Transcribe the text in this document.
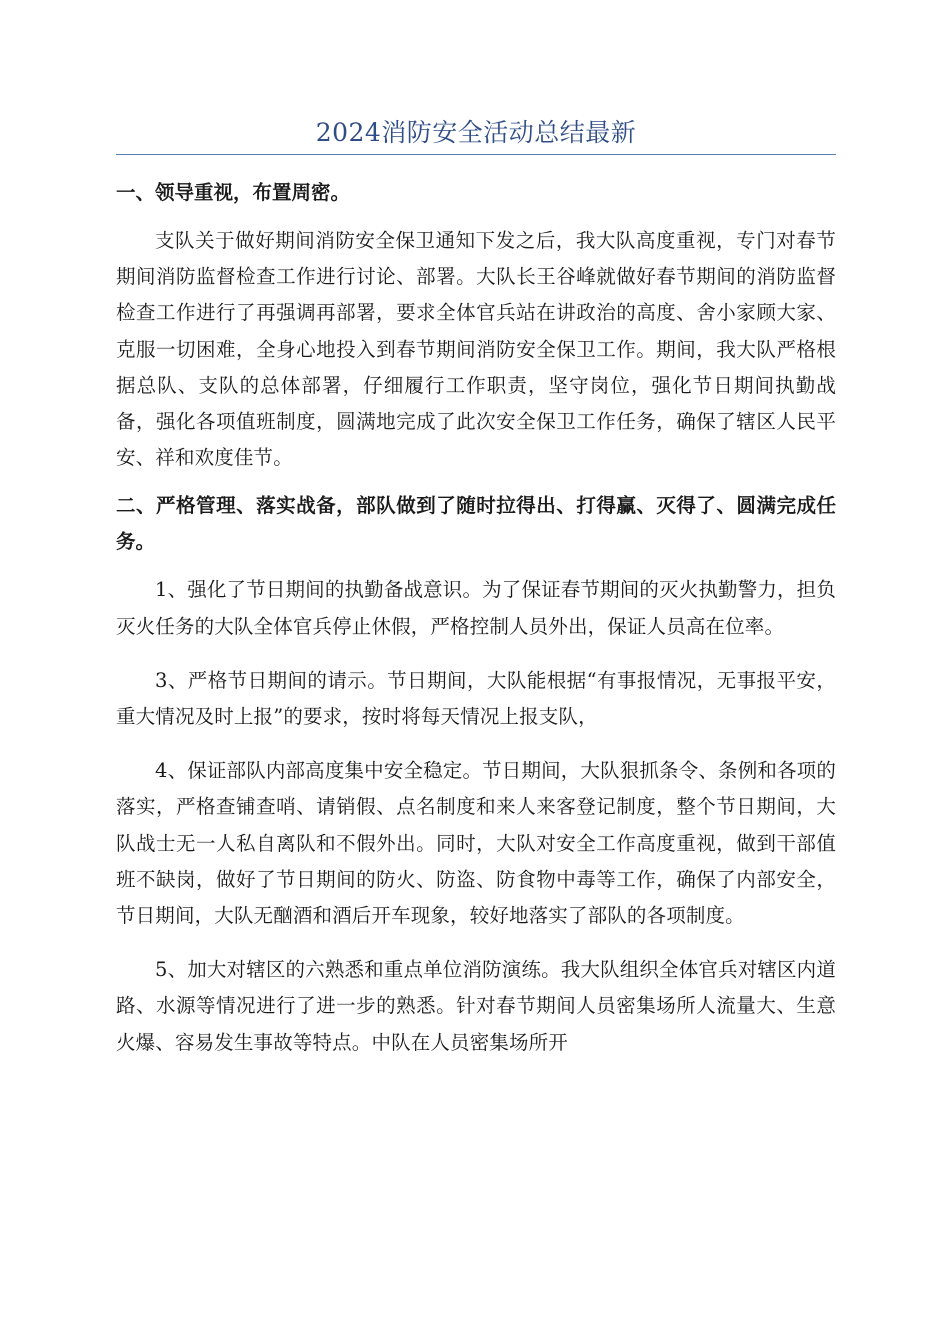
2024消防安全活动总结最新

一、领导重视，布置周密。

支队关于做好期间消防安全保卫通知下发之后，我大队高度重视，专门对春节期间消防监督检查工作进行讨论、部署。大队长王谷峰就做好春节期间的消防监督检查工作进行了再强调再部署，要求全体官兵站在讲政治的高度、舍小家顾大家、克服一切困难，全身心地投入到春节期间消防安全保卫工作。期间，我大队严格根据总队、支队的总体部署，仔细履行工作职责，坚守岗位，强化节日期间执勤战备，强化各项值班制度，圆满地完成了此次安全保卫工作任务，确保了辖区人民平安、祥和欢度佳节。

二、严格管理、落实战备，部队做到了随时拉得出、打得赢、灭得了、圆满完成任务。

1、强化了节日期间的执勤备战意识。为了保证春节期间的灭火执勤警力，担负灭火任务的大队全体官兵停止休假，严格控制人员外出，保证人员高在位率。

3、严格节日期间的请示。节日期间，大队能根据“有事报情况，无事报平安，重大情况及时上报”的要求，按时将每天情况上报支队，

4、保证部队内部高度集中安全稳定。节日期间，大队狠抓条令、条例和各项的落实，严格查铺查哨、请销假、点名制度和来人来客登记制度，整个节日期间，大队战士无一人私自离队和不假外出。同时，大队对安全工作高度重视，做到干部值班不缺岗，做好了节日期间的防火、防盗、防食物中毒等工作，确保了内部安全，节日期间，大队无酗酒和酒后开车现象，较好地落实了部队的各项制度。

5、加大对辖区的六熟悉和重点单位消防演练。我大队组织全体官兵对辖区内道路、水源等情况进行了进一步的熟悉。针对春节期间人员密集场所人流量大、生意火爆、容易发生事故等特点。中队在人员密集场所开
